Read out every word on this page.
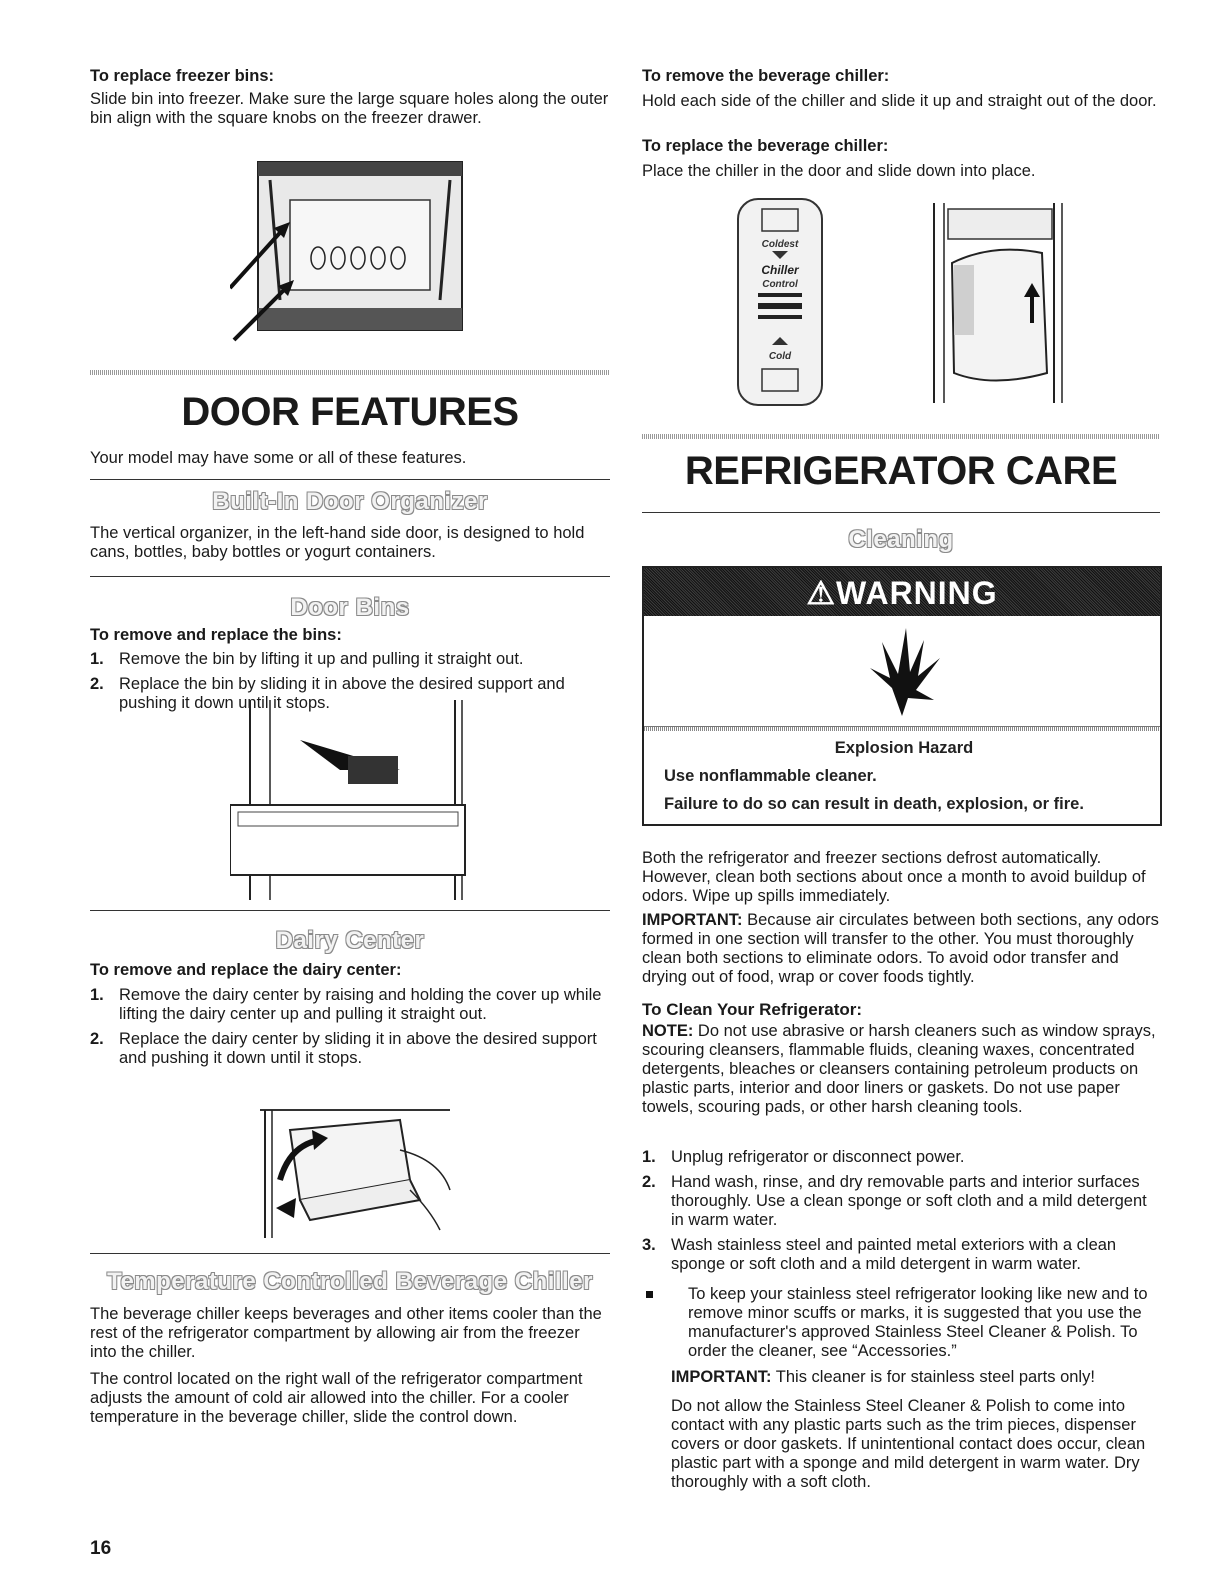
To replace freezer bins:

Slide bin into freezer. Make sure the large square holes along the outer bin align with the square knobs on the freezer drawer.

DOOR FEATURES

Your model may have some or all of these features.

Built-In Door Organizer

The vertical organizer, in the left-hand side door, is designed to hold cans, bottles, baby bottles or yogurt containers.

Door Bins

To remove and replace the bins:

1. Remove the bin by lifting it up and pulling it straight out.
2. Replace the bin by sliding it in above the desired support and pushing it down until it stops.
Dairy Center

To remove and replace the dairy center:

1. Remove the dairy center by raising and holding the cover up while lifting the dairy center up and pulling it straight out.
2. Replace the dairy center by sliding it in above the desired support and pushing it down until it stops.
Temperature Controlled Beverage Chiller

The beverage chiller keeps beverages and other items cooler than the rest of the refrigerator compartment by allowing air from the freezer into the chiller.

The control located on the right wall of the refrigerator compartment adjusts the amount of cold air allowed into the chiller. For a cooler temperature in the beverage chiller, slide the control down.

To remove the beverage chiller:

Hold each side of the chiller and slide it up and straight out of the door.

To replace the beverage chiller:

Place the chiller in the door and slide down into place.

Coldest
Chiller
Control
Cold
REFRIGERATOR CARE
Cleaning
⚠WARNING

Explosion Hazard

Use nonflammable cleaner.

Failure to do so can result in death, explosion, or fire.

Both the refrigerator and freezer sections defrost automatically. However, clean both sections about once a month to avoid buildup of odors. Wipe up spills immediately.

IMPORTANT: Because air circulates between both sections, any odors formed in one section will transfer to the other. You must thoroughly clean both sections to eliminate odors. To avoid odor transfer and drying out of food, wrap or cover foods tightly.

To Clean Your Refrigerator:

NOTE: Do not use abrasive or harsh cleaners such as window sprays, scouring cleansers, flammable fluids, cleaning waxes, concentrated detergents, bleaches or cleansers containing petroleum products on plastic parts, interior and door liners or gaskets. Do not use paper towels, scouring pads, or other harsh cleaning tools.

1. Unplug refrigerator or disconnect power.
2. Hand wash, rinse, and dry removable parts and interior surfaces thoroughly. Use a clean sponge or soft cloth and a mild detergent in warm water.
3. Wash stainless steel and painted metal exteriors with a clean sponge or soft cloth and a mild detergent in warm water.
To keep your stainless steel refrigerator looking like new and to remove minor scuffs or marks, it is suggested that you use the manufacturer's approved Stainless Steel Cleaner & Polish. To order the cleaner, see “Accessories.”

IMPORTANT: This cleaner is for stainless steel parts only!

Do not allow the Stainless Steel Cleaner & Polish to come into contact with any plastic parts such as the trim pieces, dispenser covers or door gaskets. If unintentional contact does occur, clean plastic part with a sponge and mild detergent in warm water. Dry thoroughly with a soft cloth.

16
